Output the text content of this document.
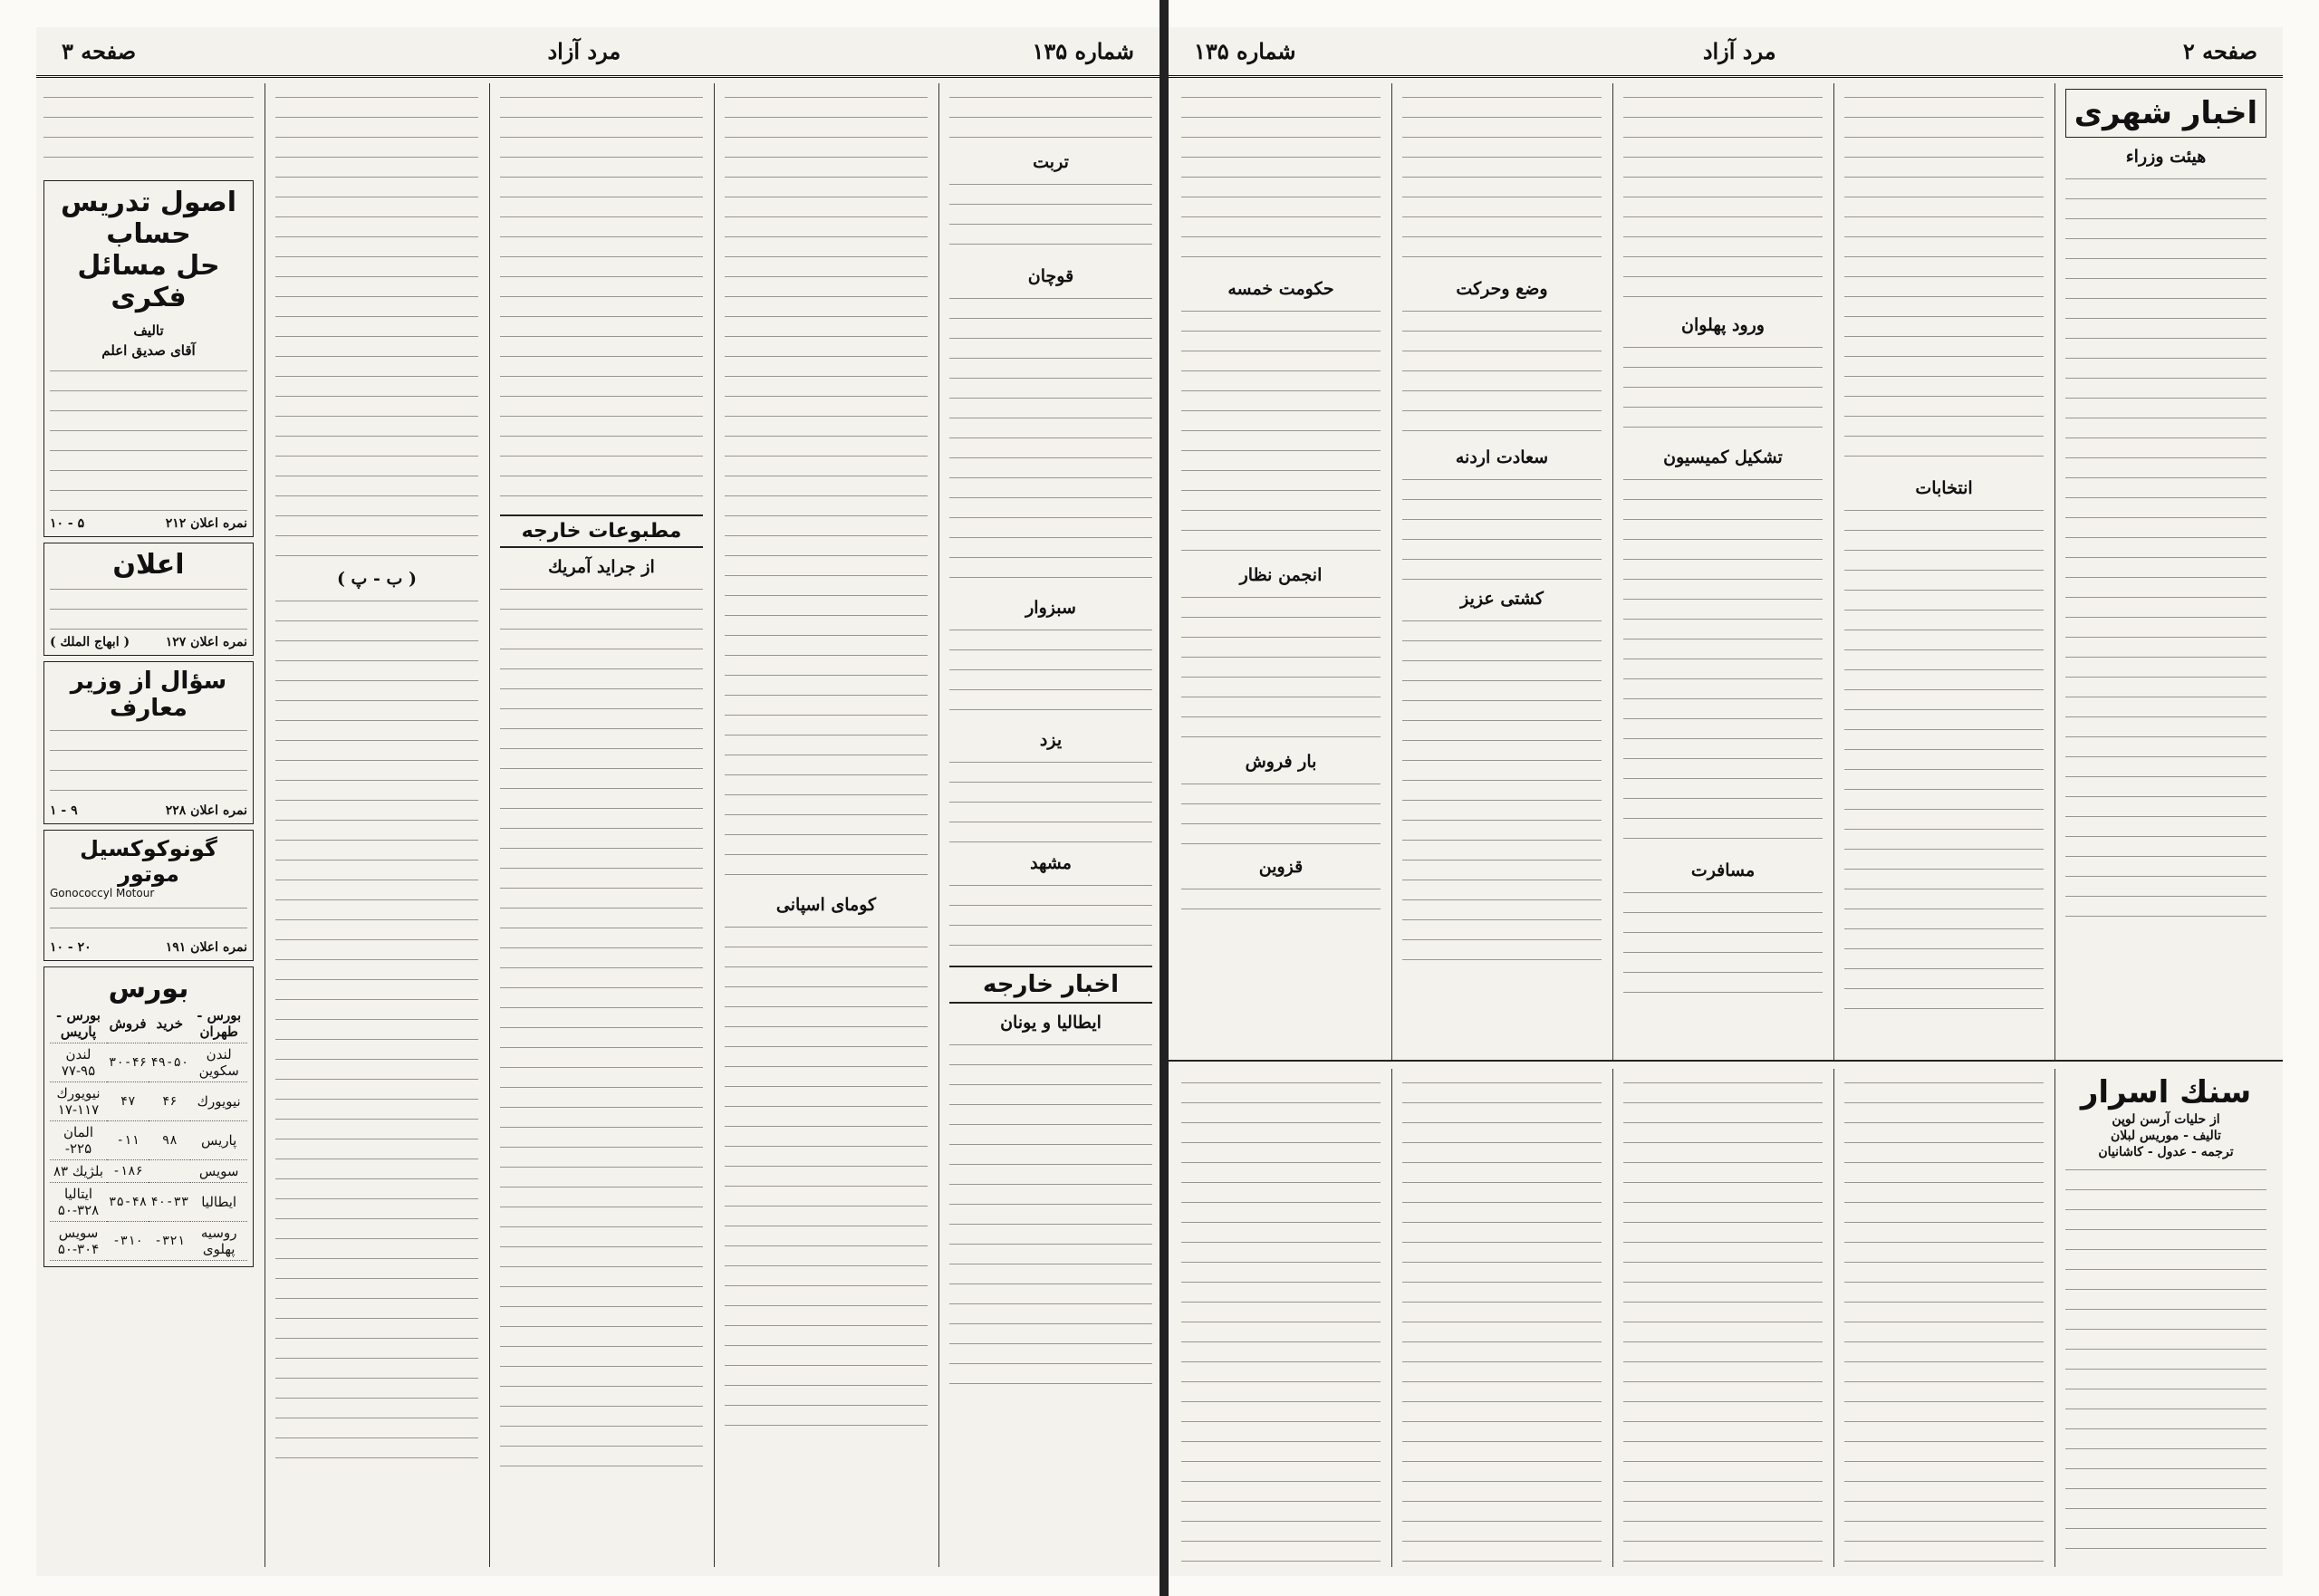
شماره ۱۳۵
مرد آزاد
صفحه ۳
اصول تدریس حساب
حل مسائل فکری
تالیف
آقای صدیق اعلم
نمره اعلان ۲۱۲
۵ - ۱۰
اعلان
نمره اعلان ۱۲۷
( ابهاج الملك )
سؤال از وزیر معارف
نمره اعلان ۲۲۸
۹ - ۱
گونوکوکسیل موتور
Gonococcyl Motour
نمره اعلان ۱۹۱
۲۰ - ۱۰
بورس
بورس - طهران	خرید	فروش	بورس - پاریس
لندن سکوین	۴۹-۵۰	۳۰-۴۶	لندن ۹۵-۷۷
نیویورك	۴۶	۴۷	نیویورك ۱۱۷-۱۷
پاریس	۹۸	۱۱-	المان ۲۲۵-
سویس		۱۸۶-	بلژیك ۸۳
ایطالیا	۴۰-۳۳	۳۵-۴۸	ایتالیا ۳۲۸-۵۰
روسیه پهلوی	۳۲۱-	۳۱۰-	سویس ۳۰۴-۵۰
( ب - پ )
مطبوعات خارجه
از جراید آمریك
کومای اسپانی
تربت
قوچان
سبزوار
یزد
مشهد
اخبار خارجه
ایطالیا و یونان
صفحه ۲
مرد آزاد
شماره ۱۳۵
اخبار شهری
هیئت وزراء
انتخابات
ورود پهلوان
تشکیل کمیسیون
مسافرت
وضع وحرکت
سعادت اردنه
کشتی عزیز
حکومت خمسه
انجمن نظار
بار فروش
قزوین
سنك اسرار
از حلیات آرسن لوپن
تالیف - موریس لبلان
ترجمه - عدول - کاشانیان
